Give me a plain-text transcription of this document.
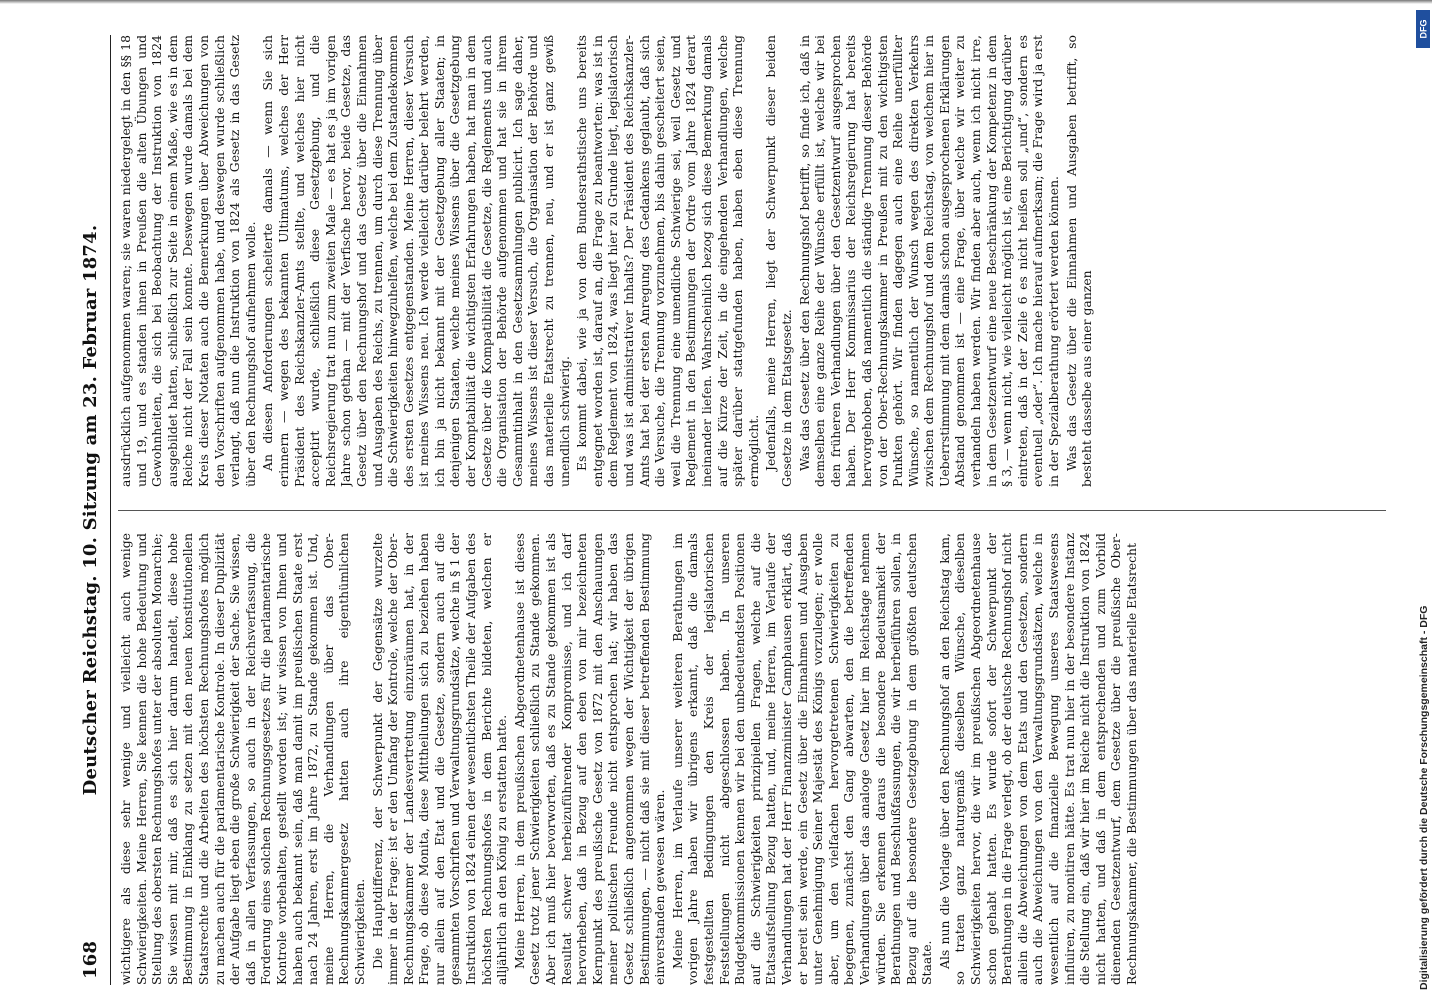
168
Deutscher Reichstag. 10. Sitzung am 23. Februar 1874. wichtigere als diese sehr wenige und vielleicht auch wenige Schwierigkeiten. Meine Herren, Sie kennen die hohe Bedeutung und Stellung des obersten Rechnungshofes unter der absoluten Monarchie; Sie wissen mit mir, daß es sich hier darum handelt, diese hohe Bestimmung in Einklang zu setzen mit den neuen konstitutionellen Staatsrechte und die Arbeiten des höchsten Rechnungshofes möglich zu machen auch für die parlamentarische Kontrole. In dieser Duplizität der Aufgabe liegt eben die große Schwierigkeit der Sache. Sie wissen, daß in allen Verfassungen, so auch in der Reichsverfassung, die Forderung eines solchen Rechnungsgesetzes für die parlamentarische Kontrole vorbehalten, gestellt worden ist; wir wissen von Ihnen und haben auch bekannt sein, daß man damit im preußischen Staate erst nach 24 Jahren, erst im Jahre 1872, zu Stande gekommen ist. Und, meine Herren, die Verhandlungen über das Ober-Rechnungskammergesetz hatten auch ihre eigenthümlichen Schwierigkeiten. Die Hauptdifferenz, der Schwerpunkt der Gegensätze wurzelte immer in der Frage: ist er den Umfang der Kontrole, welche der Ober-Rechnungskammer der Landesvertretung einzuräumen hat, in der Frage, ob diese Monita, diese Mittheilungen sich zu beziehen haben nur allein auf den Etat und die Gesetze, sondern auch auf die gesammten Vorschriften und Verwaltungsgrundsätze, welche in § 1 der Instruktion von 1824 einen der wesentlichsten Theile der Aufgaben des höchsten Rechnungshofes in dem Berichte bildeten, welchen er alljährlich an den König zu erstatten hatte. Meine Herren, in dem preußischen Abgeordnetenhause ist dieses Gesetz trotz jener Schwierigkeiten schließlich zu Stande gekommen. Aber ich muß hier bevorworten, daß es zu Stande gekommen ist als Resultat schwer herbeizuführender Kompromisse, und ich darf hervorheben, daß in Bezug auf den eben von mir bezeichneten Kernpunkt des preußische Gesetz von 1872 mit den Anschauungen meiner politischen Freunde nicht entsprochen hat; wir haben das Gesetz schließlich angenommen wegen der Wichtigkeit der übrigen Bestimmungen, — nicht daß sie mit dieser betreffenden Bestimmung einverstanden gewesen wären. Meine Herren, im Verlaufe unserer weiteren Berathungen im vorigen Jahre haben wir übrigens erkannt, daß die damals festgestellten Bedingungen den Kreis der legislatorischen Feststellungen nicht abgeschlossen haben. In unseren Budgetkommissionen kennen wir bei den unbedeutendsten Positionen auf die Schwierigkeiten prinzipiellen Fragen, welche auf die Etatsaufstellung Bezug hatten, und, meine Herren, im Verlaufe der Verhandlungen hat der Herr Finanzminister Camphausen erklärt, daß er bereit sein werde, ein Gesetz über die Einnahmen und Ausgaben unter Genehmigung Seiner Majestät des Königs vorzulegen; er wolle aber, um den vielfachen hervorgetretenen Schwierigkeiten zu begegnen, zunächst den Gang abwarten, den die betreffenden Verhandlungen über das analoge Gesetz hier im Reichstage nehmen würden. Sie erkennen daraus die besondere Bedeutsamkeit der Berathungen und Beschlußfassungen, die wir herbeiführen sollen, in Bezug auf die besondere Gesetzgebung in dem größten deutschen Staate. Als nun die Vorlage über den Rechnungshof an den Reichstag kam, so traten ganz naturgemäß dieselben Wünsche, dieselben Schwierigkeiten hervor, die wir im preußischen Abgeordnetenhause schon gehabt hatten. Es wurde sofort der Schwerpunkt der Berathungen in die Frage verlegt, ob der deutsche Rechnungshof nicht allein die Abweichungen von dem Etats und den Gesetzen, sondern auch die Abweichungen von den Verwaltungsgrundsätzen, welche in wesentlich auf die finanzielle Bewegung unseres Staatswesens influiren, zu monitiren hätte. Es trat nun hier in der besondere Instanz die Stellung ein, daß wir hier im Reiche nicht die Instruktion von 1824 nicht hatten, und daß in dem entsprechenden und zum Vorbild dienenden Gesetzentwurf, dem Gesetze über die preußische Ober-Rechnungskammer, die Bestimmungen über das materielle Etatsrecht

ausdrücklich aufgenommen waren; sie waren niedergelegt in den §§ 18 und 19, und es standen ihnen in Preußen die alten Übungen und Gewohnheiten, die sich bei Beobachtung der Instruktion von 1824 ausgebildet hatten, schließlich zur Seite in einem Maße, wie es in dem Reiche nicht der Fall sein konnte. Deswegen wurde damals bei dem Kreis dieser Notaten auch die Bemerkungen über Abweichungen von den Vorschriften aufgenommen habe, und deswegen wurde schließlich verlangt, daß nun die Instruktion von 1824 als Gesetz in das Gesetz über den Rechnungshof aufnehmen wolle. An diesen Anforderungen scheiterte damals — wenn Sie sich erinnern — wegen des bekannten Ultimatums, welches der Herr Präsident des Reichskanzler-Amts stellte, und welches hier nicht acceptirt wurde, schließlich diese Gesetzgebung, und die Reichsregierung trat nun zum zweiten Male — es hat es ja im vorigen Jahre schon gethan — mit der Verfische hervor, beide Gesetze, das Gesetz über den Rechnungshof und das Gesetz über die Einnahmen und Ausgaben des Reichs, zu trennen, um durch diese Trennung über die Schwierigkeiten hinwegzuhelfen, welche bei dem Zustandekommen des ersten Gesetzes entgegenstanden. Meine Herren, dieser Versuch ist meines Wissens neu. Ich werde vielleicht darüber belehrt werden, ich bin ja nicht bekannt mit der Gesetzgebung aller Staaten; in denjenigen Staaten, welche meines Wissens über die Gesetzgebung der Komptabilität die wichtigsten Erfahrungen haben, hat man in dem Gesetze über die Kompatibilität die Gesetze, die Reglements und auch die Organisation der Behörde aufgenommen und hat sie in ihrem Gesammtinhalt in den Gesetzsammlungen publicirt. Ich sage daher, meines Wissens ist dieser Versuch, die Organisation der Behörde und das materielle Etatsrecht zu trennen, neu, und er ist ganz gewiß unendlich schwierig. Es kommt dabei, wie ja von dem Bundesrathstische uns bereits entgegnet worden ist, darauf an, die Frage zu beantworten: was ist in dem Reglement von 1824, was liegt hier zu Grunde liegt, legislatorisch und was ist administrativer Inhalts? Der Präsident des Reichskanzler-Amts hat bei der ersten Anregung des Gedankens geglaubt, daß sich die Versuche, die Trennung vorzunehmen, bis dahin gescheitert seien, weil die Trennung eine unendliche Schwierige sei, weil Gesetz und Reglement in den Bestimmungen der Ordre vom Jahre 1824 derart ineinander liefen. Wahrscheinlich bezog sich diese Bemerkung damals auf die Kürze der Zeit, in die eingehenden Verhandlungen, welche später darüber stattgefunden haben, haben eben diese Trennung ermöglicht. Jedenfalls, meine Herren, liegt der Schwerpunkt dieser beiden Gesetze in dem Etatsgesetz. Was das Gesetz über den Rechnungshof betrifft, so finde ich, daß in demselben eine ganze Reihe der Wünsche erfüllt ist, welche wir bei den früheren Verhandlungen über den Gesetzentwurf ausgesprochen haben. Der Herr Kommissarius der Reichsregierung hat bereits hervorgehoben, daß namentlich die ständige Trennung dieser Behörde von der Ober-Rechnungskammer in Preußen mit zu den wichtigsten Punkten gehört. Wir finden dagegen auch eine Reihe unerfüllter Wünsche, so namentlich der Wunsch wegen des direkten Verkehrs zwischen dem Rechnungshof und dem Reichstag, von welchem hier in Ueberrstimmung mit dem damals schon ausgesprochenen Erklärungen Abstand genommen ist — eine Frage, über welche wir weiter zu verhandeln haben werden. Wir finden aber auch, wenn ich nicht irre, in dem Gesetzentwurf eine neue Beschränkung der Kompetenz in dem § 3, — wenn nicht, wie vielleicht möglich ist, eine Berichtigung darüber eintreten, daß in der Zeile 6 es nicht heißen soll „und“, sondern es eventuell „oder“. Ich mache hierauf aufmerksam; die Frage wird ja erst in der Spezialberathung erörtert werden können. Was das Gesetz über die Einnahmen und Ausgaben betrifft, so besteht dasselbe aus einer ganzen

DFG
Digitalisierung gefördert durch die Deutsche Forschungsgemeinschaft - DFG
